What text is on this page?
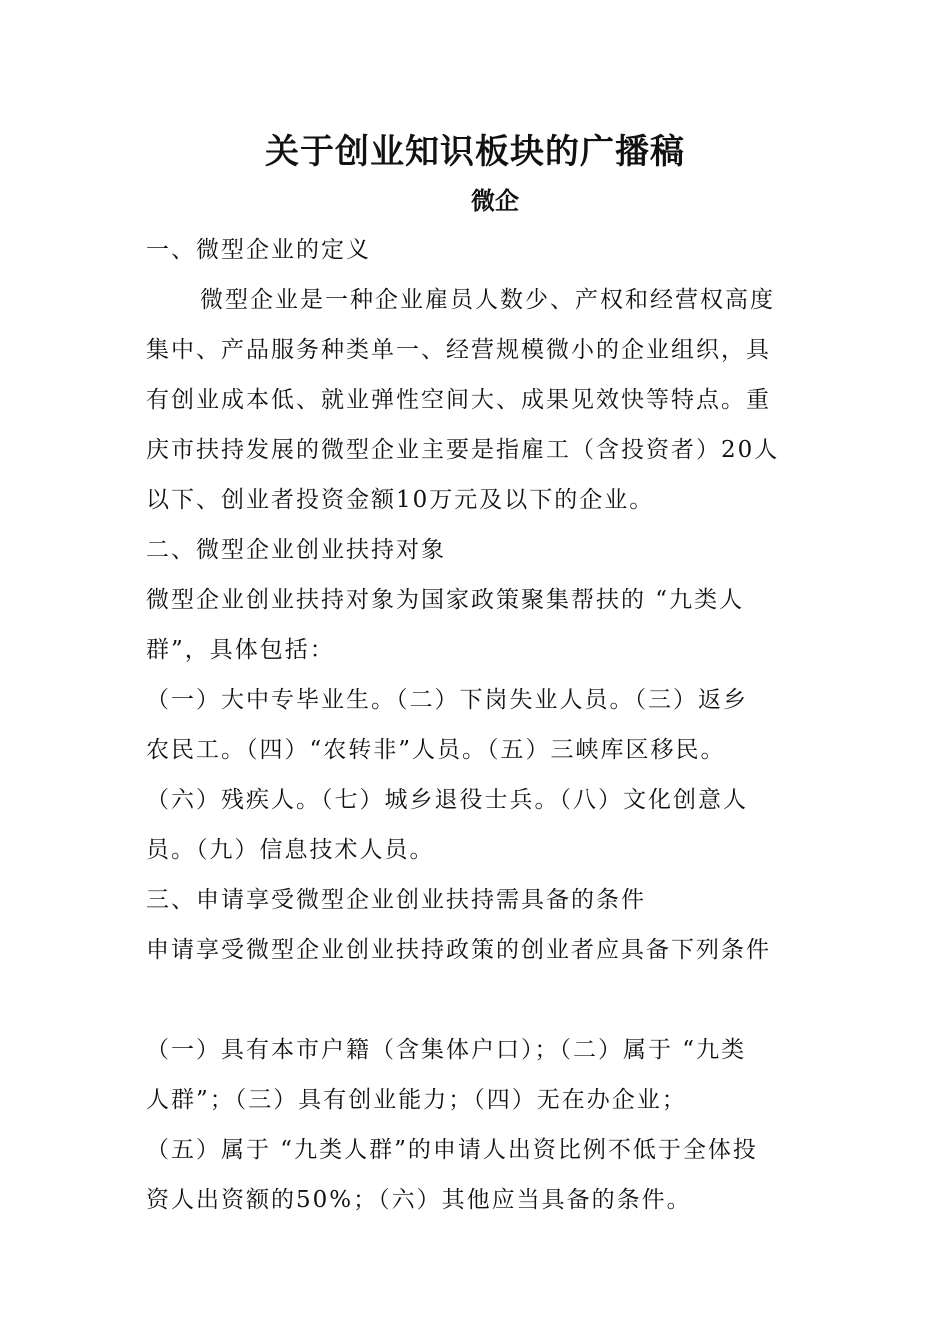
关于创业知识板块的广播稿
微企
一、微型企业的定义
微型企业是一种企业雇员人数少、产权和经营权高度
集中、产品服务种类单一、经营规模微小的企业组织，具
有创业成本低、就业弹性空间大、成果见效快等特点。重
庆市扶持发展的微型企业主要是指雇工（含投资者）20人
以下、创业者投资金额10万元及以下的企业。
二、微型企业创业扶持对象
微型企业创业扶持对象为国家政策聚集帮扶的 “九类人
群”，具体包括：
（一）大中专毕业生。（二）下岗失业人员。（三）返乡
农民工。（四）“农转非”人员。（五）三峡库区移民。
（六）残疾人。（七）城乡退役士兵。（八）文化创意人
员。（九）信息技术人员。
三、申请享受微型企业创业扶持需具备的条件
申请享受微型企业创业扶持政策的创业者应具备下列条件
（一）具有本市户籍（含集体户口）；（二）属于 “九类
人群”；（三）具有创业能力；（四）无在办企业；
（五）属于 “九类人群”的申请人出资比例不低于全体投
资人出资额的50%；（六）其他应当具备的条件。
